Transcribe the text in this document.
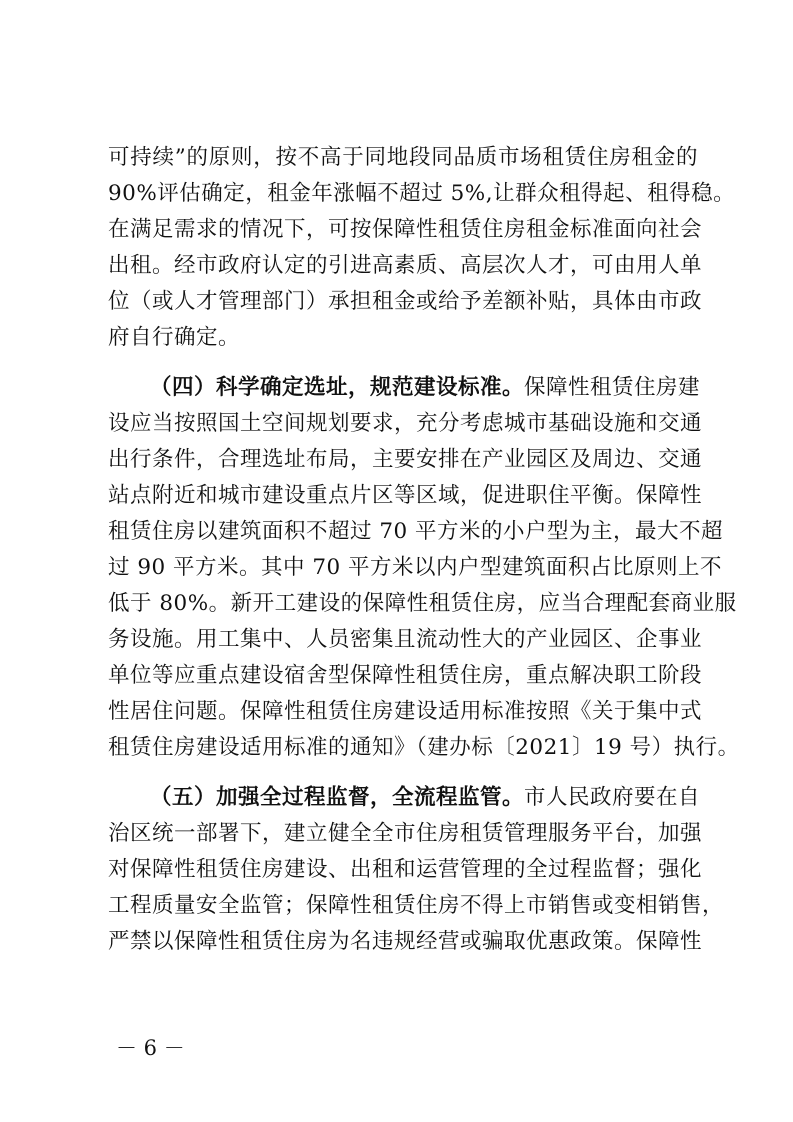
可持续”的原则，按不高于同地段同品质市场租赁住房租金的
90%评估确定，租金年涨幅不超过 5%,让群众租得起、租得稳。
在满足需求的情况下，可按保障性租赁住房租金标准面向社会
出租。经市政府认定的引进高素质、高层次人才，可由用人单
位（或人才管理部门）承担租金或给予差额补贴，具体由市政
府自行确定。
（四）科学确定选址，规范建设标准。保障性租赁住房建
设应当按照国土空间规划要求，充分考虑城市基础设施和交通
出行条件，合理选址布局，主要安排在产业园区及周边、交通
站点附近和城市建设重点片区等区域，促进职住平衡。保障性
租赁住房以建筑面积不超过 70 平方米的小户型为主，最大不超
过 90 平方米。其中 70 平方米以内户型建筑面积占比原则上不
低于 80%。新开工建设的保障性租赁住房，应当合理配套商业服
务设施。用工集中、人员密集且流动性大的产业园区、企事业
单位等应重点建设宿舍型保障性租赁住房，重点解决职工阶段
性居住问题。保障性租赁住房建设适用标准按照《关于集中式
租赁住房建设适用标准的通知》（建办标〔2021〕19 号）执行。
（五）加强全过程监督，全流程监管。市人民政府要在自
治区统一部署下，建立健全全市住房租赁管理服务平台，加强
对保障性租赁住房建设、出租和运营管理的全过程监督；强化
工程质量安全监管；保障性租赁住房不得上市销售或变相销售，
严禁以保障性租赁住房为名违规经营或骗取优惠政策。保障性
－ 6 －
